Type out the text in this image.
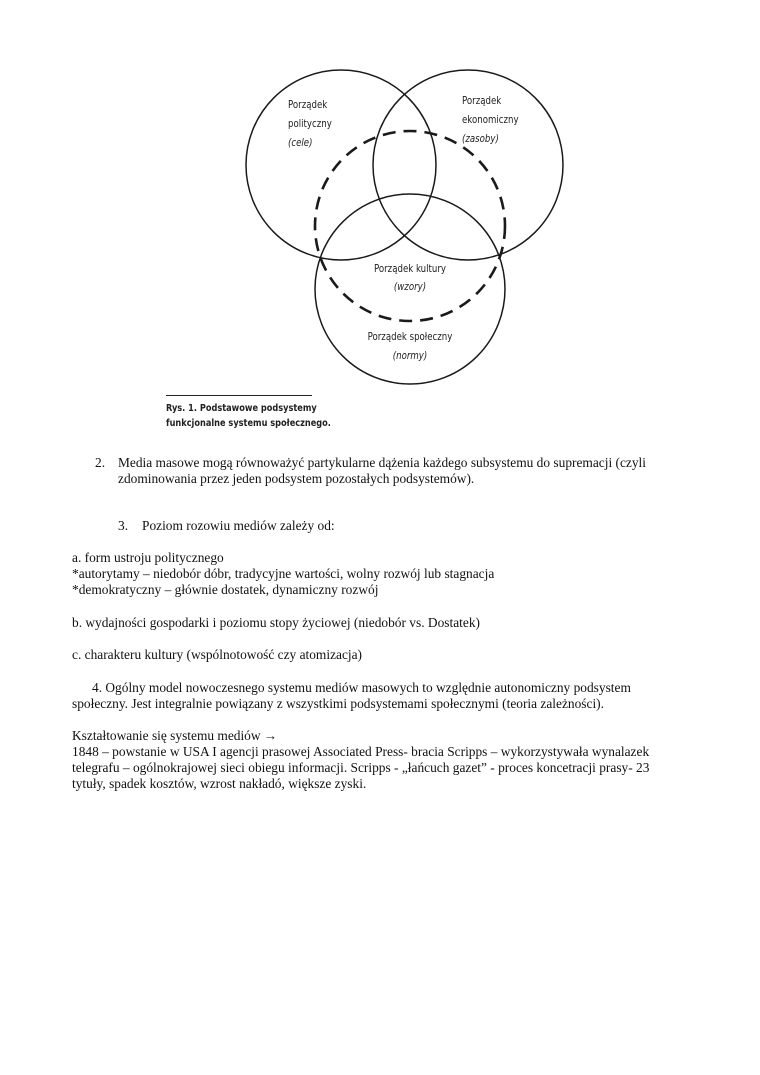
Porządek
polityczny
(cele)
Porządek
ekonomiczny
(zasoby)
Porządek kultury
(wzory)
Porządek społeczny
(normy)
Rys. 1. Podstawowe podsystemy
funkcjonalne systemu społecznego.
2. Media masowe mogą równoważyć partykularne dążenia każdego subsystemu do supremacji (czyli
zdominowania przez jeden podsystem pozostałych podsystemów).
3. Poziom rozowiu mediów zależy od:
a. form ustroju politycznego
*autorytamy – niedobór dóbr, tradycyjne wartości, wolny rozwój lub stagnacja
*demokratyczny – głównie dostatek, dynamiczny rozwój
b. wydajności gospodarki i poziomu stopy życiowej (niedobór vs. Dostatek)
c. charakteru kultury (wspólnotowość czy atomizacja)
4. Ogólny model nowoczesnego systemu mediów masowych to względnie autonomiczny podsystem
społeczny. Jest integralnie powiązany z wszystkimi podsystemami społecznymi (teoria zależności).
Kształtowanie się systemu mediów →
1848 – powstanie w USA I agencji prasowej Associated Press- bracia Scripps – wykorzystywała wynalazek
telegrafu – ogólnokrajowej sieci obiegu informacji. Scripps - „łańcuch gazet” - proces koncetracji prasy- 23
tytuły, spadek kosztów, wzrost nakładó, większe zyski.
